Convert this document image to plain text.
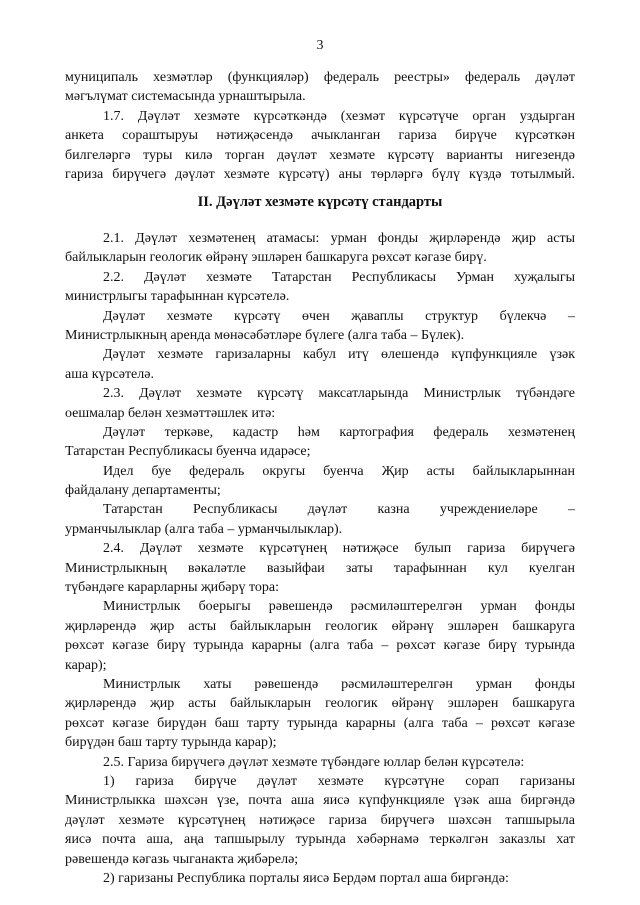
3
муниципаль хезмәтләр (функцияләр) федераль реестры» федераль дәүләт
мәгълүмат системасында урнаштырыла.
1.7. Дәүләт хезмәте күрсәткәндә (хезмәт күрсәтүче орган уздырган
анкета сораштыруы нәтиҗәсендә ачыкланган гариза бирүче күрсәткән
билгеләргә туры килә торган дәүләт хезмәте күрсәтү варианты нигезендә
гариза бирүчегә дәүләт хезмәте күрсәтү) аны төрләргә бүлү күздә тотылмый.
II. Дәүләт хезмәте күрсәтү стандарты
2.1. Дәүләт хезмәтенең атамасы: урман фонды җирләрендә җир асты
байлыкларын геологик өйрәнү эшләрен башкаруга рөхсәт кәгазе бирү.
2.2. Дәүләт хезмәте Татарстан Республикасы Урман хуҗалыгы
министрлыгы тарафыннан күрсәтелә.
Дәүләт хезмәте күрсәтү өчен җаваплы структур бүлекчә –
Министрлыкның аренда мөнәсәбәтләре бүлеге (алга таба – Бүлек).
Дәүләт хезмәте гаризаларны кабул итү өлешендә күпфункцияле үзәк
аша күрсәтелә.
2.3. Дәүләт хезмәте күрсәтү максатларында Министрлык түбәндәге
оешмалар белән хезмәттәшлек итә:
Дәүләт теркәве, кадастр һәм картография федераль хезмәтенең
Татарстан Республикасы буенча идарәсе;
Идел буе федераль округы буенча Җир асты байлыкларыннан
файдалану департаменты;
Татарстан Республикасы дәүләт казна учреждениеләре –
урманчылыклар (алга таба – урманчылыклар).
2.4. Дәүләт хезмәте күрсәтүнең нәтиҗәсе булып гариза бирүчегә
Министрлыкның вәкаләтле вазыйфаи заты тарафыннан кул куелган
түбәндәге карарларны җибәрү тора:
Министрлык боерыгы рәвешендә рәсмиләштерелгән урман фонды
җирләрендә җир асты байлыкларын геологик өйрәнү эшләрен башкаруга
рөхсәт кәгазе бирү турында карарны (алга таба – рөхсәт кәгазе бирү турында
карар);
Министрлык хаты рәвешендә рәсмиләштерелгән урман фонды
җирләрендә җир асты байлыкларын геологик өйрәнү эшләрен башкаруга
рөхсәт кәгазе бирүдән баш тарту турында карарны (алга таба – рөхсәт кәгазе
бирүдән баш тарту турында карар);
2.5. Гариза бирүчегә дәүләт хезмәте түбәндәге юллар белән күрсәтелә:
1) гариза бирүче дәүләт хезмәте күрсәтүне сорап гаризаны
Министрлыкка шәхсән үзе, почта аша яисә күпфункцияле үзәк аша биргәндә
дәүләт хезмәте күрсәтүнең нәтиҗәсе гариза бирүчегә шәхсән тапшырыла
яисә почта аша, аңа тапшырылу турында хәбәрнамә теркәлгән заказлы хат
рәвешендә кәгазь чыганакта җибәрелә;
2) гаризаны Республика порталы яисә Бердәм портал аша биргәндә:
